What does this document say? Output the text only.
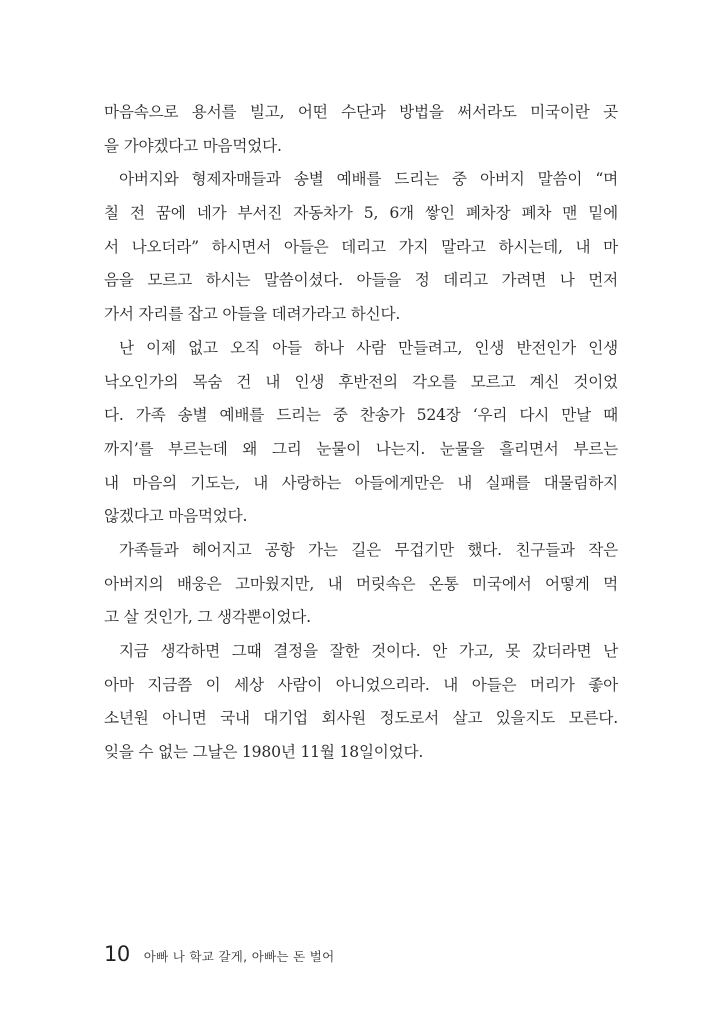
마음속으로 용서를 빌고, 어떤 수단과 방법을 써서라도 미국이란 곳
을 가야겠다고 마음먹었다.
아버지와 형제자매들과 송별 예배를 드리는 중 아버지 말씀이 “며
칠 전 꿈에 네가 부서진 자동차가 5, 6개 쌓인 폐차장 폐차 맨 밑에
서 나오더라” 하시면서 아들은 데리고 가지 말라고 하시는데, 내 마
음을 모르고 하시는 말씀이셨다. 아들을 정 데리고 가려면 나 먼저
가서 자리를 잡고 아들을 데려가라고 하신다.
난 이제 없고 오직 아들 하나 사람 만들려고, 인생 반전인가 인생
낙오인가의 목숨 건 내 인생 후반전의 각오를 모르고 계신 것이었
다. 가족 송별 예배를 드리는 중 찬송가 524장 ‘우리 다시 만날 때
까지’를 부르는데 왜 그리 눈물이 나는지. 눈물을 흘리면서 부르는
내 마음의 기도는, 내 사랑하는 아들에게만은 내 실패를 대물림하지
않겠다고 마음먹었다.
가족들과 헤어지고 공항 가는 길은 무겁기만 했다. 친구들과 작은
아버지의 배웅은 고마웠지만, 내 머릿속은 온통 미국에서 어떻게 먹
고 살 것인가, 그 생각뿐이었다.
지금 생각하면 그때 결정을 잘한 것이다. 안 가고, 못 갔더라면 난
아마 지금쯤 이 세상 사람이 아니었으리라. 내 아들은 머리가 좋아
소년원 아니면 국내 대기업 회사원 정도로서 살고 있을지도 모른다.
잊을 수 없는 그날은 1980년 11월 18일이었다.
10 아빠 나 학교 갈게, 아빠는 돈 벌어
